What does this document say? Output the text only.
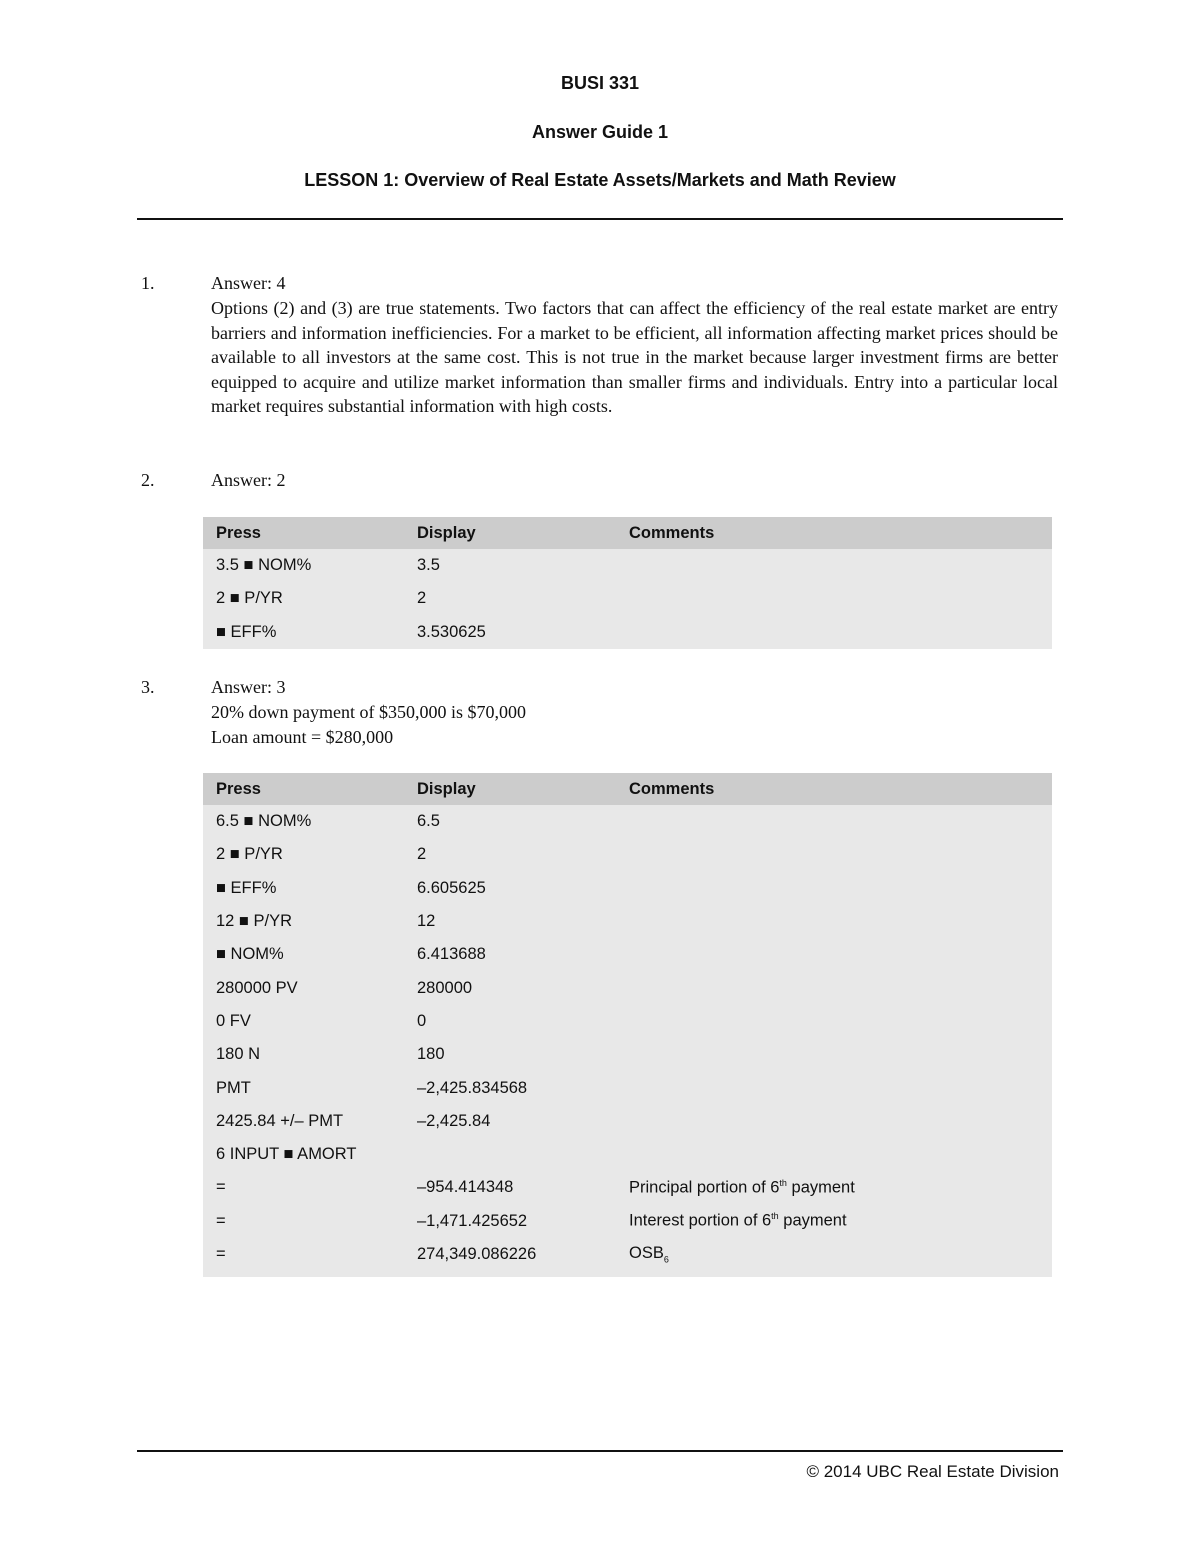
BUSI 331
Answer Guide 1
LESSON 1: Overview of Real Estate Assets/Markets and Math Review
1.	Answer: 4
Options (2) and (3) are true statements. Two factors that can affect the efficiency of the real estate market are entry barriers and information inefficiencies. For a market to be efficient, all information affecting market prices should be available to all investors at the same cost. This is not true in the market because larger investment firms are better equipped to acquire and utilize market information than smaller firms and individuals. Entry into a particular local market requires substantial information with high costs.
2.	Answer: 2
Press	Display	Comments
3.5 ■ NOM%	3.5	
2 ■ P/YR	2	
■ EFF%	3.530625	
3.	Answer: 3
20% down payment of $350,000 is $70,000
Loan amount = $280,000
Press	Display	Comments
6.5 ■ NOM%	6.5	
2 ■ P/YR	2	
■ EFF%	6.605625	
12 ■ P/YR	12	
■ NOM%	6.413688	
280000 PV	280000	
0 FV	0	
180 N	180	
PMT	–2,425.834568	
2425.84 +/– PMT	–2,425.84	
6 INPUT ■ AMORT		
=	–954.414348	Principal portion of 6th payment
=	–1,471.425652	Interest portion of 6th payment
=	274,349.086226	$OSB_6$

© 2014 UBC Real Estate Division
